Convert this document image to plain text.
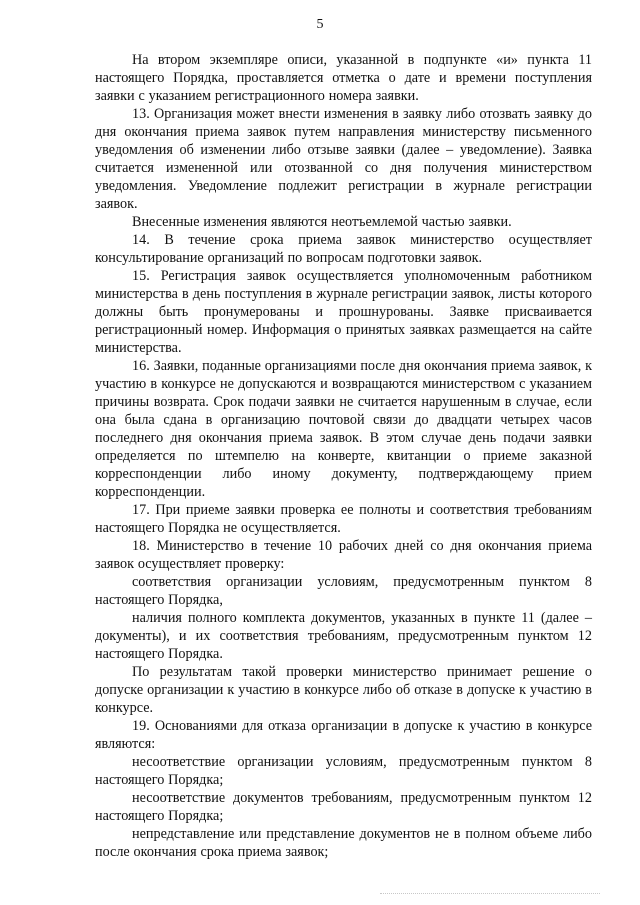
5

На втором экземпляре описи, указанной в подпункте «и» пункта 11 настоящего Порядка, проставляется отметка о дате и времени поступления заявки с указанием регистрационного номера заявки.

13. Организация может внести изменения в заявку либо отозвать заявку до дня окончания приема заявок путем направления министерству письменного уведомления об изменении либо отзыве заявки (далее – уведомление). Заявка считается измененной или отозванной со дня получения министерством уведомления. Уведомление подлежит регистрации в журнале регистрации заявок.

Внесенные изменения являются неотъемлемой частью заявки.

14. В течение срока приема заявок министерство осуществляет консультирование организаций по вопросам подготовки заявок.

15. Регистрация заявок осуществляется уполномоченным работником министерства в день поступления в журнале регистрации заявок, листы которого должны быть пронумерованы и прошнурованы. Заявке присваивается регистрационный номер. Информация о принятых заявках размещается на сайте министерства.

16. Заявки, поданные организациями после дня окончания приема заявок, к участию в конкурсе не допускаются и возвращаются министерством с указанием причины возврата. Срок подачи заявки не считается нарушенным в случае, если она была сдана в организацию почтовой связи до двадцати четырех часов последнего дня окончания приема заявок. В этом случае день подачи заявки определяется по штемпелю на конверте, квитанции о приеме заказной корреспонденции либо иному документу, подтверждающему прием корреспонденции.

17. При приеме заявки проверка ее полноты и соответствия требованиям настоящего Порядка не осуществляется.

18. Министерство в течение 10 рабочих дней со дня окончания приема заявок осуществляет проверку:

соответствия организации условиям, предусмотренным пунктом 8 настоящего Порядка,

наличия полного комплекта документов, указанных в пункте 11 (далее – документы), и их соответствия требованиям, предусмотренным пунктом 12 настоящего Порядка.

По результатам такой проверки министерство принимает решение о допуске организации к участию в конкурсе либо об отказе в допуске к участию в конкурсе.

19. Основаниями для отказа организации в допуске к участию в конкурсе являются:

несоответствие организации условиям, предусмотренным пунктом 8 настоящего Порядка;

несоответствие документов требованиям, предусмотренным пунктом 12 настоящего Порядка;

непредставление или представление документов не в полном объеме либо после окончания срока приема заявок;
